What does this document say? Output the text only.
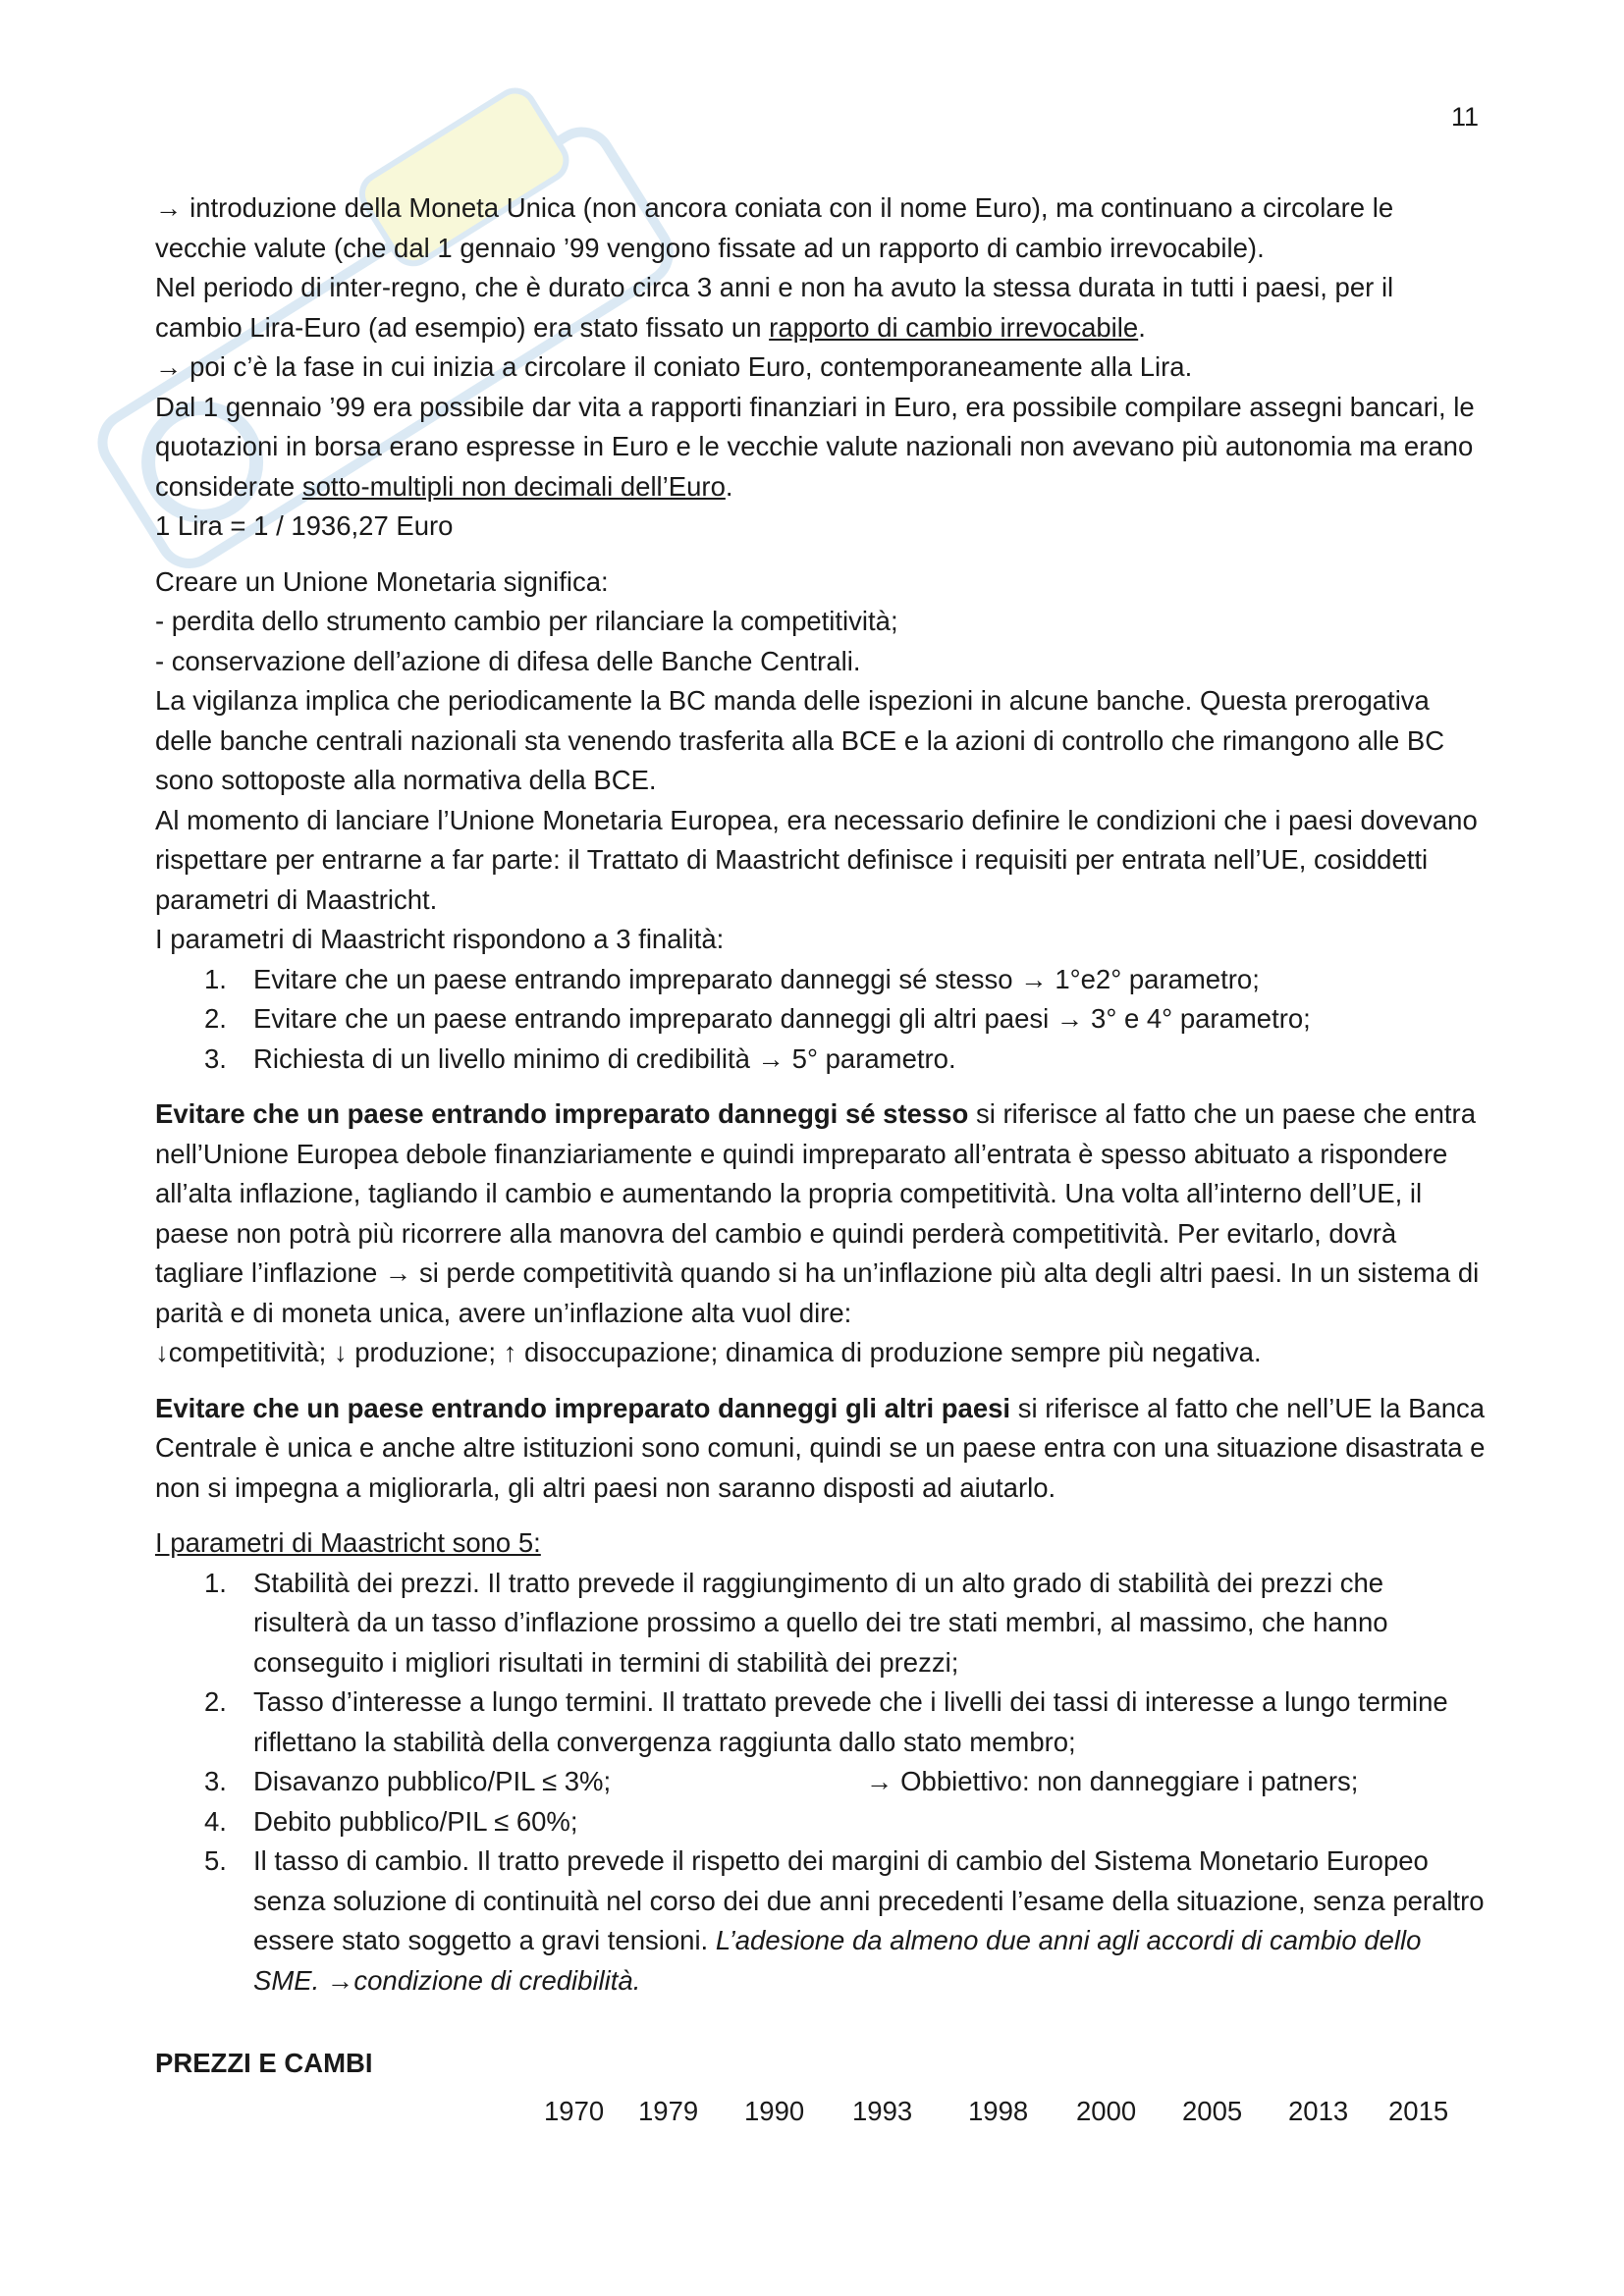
11

→ introduzione della Moneta Unica (non ancora coniata con il nome Euro), ma continuano a circolare le vecchie valute (che dal 1 gennaio ’99 vengono fissate ad un rapporto di cambio irrevocabile).

Nel periodo di inter-regno, che è durato circa 3 anni e non ha avuto la stessa durata in tutti i paesi, per il cambio Lira-Euro (ad esempio) era stato fissato un rapporto di cambio irrevocabile.

→ poi c’è la fase in cui inizia a circolare il coniato Euro, contemporaneamente alla Lira.

Dal 1 gennaio ’99 era possibile dar vita a rapporti finanziari in Euro, era possibile compilare assegni bancari, le quotazioni in borsa erano espresse in Euro e le vecchie valute nazionali non avevano più autonomia ma erano considerate sotto-multipli non decimali dell’Euro.

1 Lira = 1 / 1936,27 Euro

Creare un Unione Monetaria significa:

- perdita dello strumento cambio per rilanciare la competitività;

- conservazione dell’azione di difesa delle Banche Centrali.

La vigilanza implica che periodicamente la BC manda delle ispezioni in alcune banche. Questa prerogativa delle banche centrali nazionali sta venendo trasferita alla BCE e la azioni di controllo che rimangono alle BC sono sottoposte alla normativa della BCE.

Al momento di lanciare l’Unione Monetaria Europea, era necessario definire le condizioni che i paesi dovevano rispettare per entrarne a far parte: il Trattato di Maastricht definisce i requisiti per entrata nell’UE, cosiddetti parametri di Maastricht.

I parametri di Maastricht rispondono a 3 finalità:

1. Evitare che un paese entrando impreparato danneggi sé stesso → 1°e2° parametro;
2. Evitare che un paese entrando impreparato danneggi gli altri paesi → 3° e 4° parametro;
3. Richiesta di un livello minimo di credibilità → 5° parametro.

Evitare che un paese entrando impreparato danneggi sé stesso si riferisce al fatto che un paese che entra nell’Unione Europea debole finanziariamente e quindi impreparato all’entrata è spesso abituato a rispondere all’alta inflazione, tagliando il cambio e aumentando la propria competitività. Una volta all’interno dell’UE, il paese non potrà più ricorrere alla manovra del cambio e quindi perderà competitività. Per evitarlo, dovrà tagliare l’inflazione → si perde competitività quando si ha un’inflazione più alta degli altri paesi. In un sistema di parità e di moneta unica, avere un’inflazione alta vuol dire:

↓competitività; ↓ produzione; ↑ disoccupazione; dinamica di produzione sempre più negativa.

Evitare che un paese entrando impreparato danneggi gli altri paesi si riferisce al fatto che nell’UE la Banca Centrale è unica e anche altre istituzioni sono comuni, quindi se un paese entra con una situazione disastrata e non si impegna a migliorarla, gli altri paesi non saranno disposti ad aiutarlo.

I parametri di Maastricht sono 5:

1. Stabilità dei prezzi. Il tratto prevede il raggiungimento di un alto grado di stabilità dei prezzi che risulterà da un tasso d’inflazione prossimo a quello dei tre stati membri, al massimo, che hanno conseguito i migliori risultati in termini di stabilità dei prezzi;
2. Tasso d’interesse a lungo termini. Il trattato prevede che i livelli dei tassi di interesse a lungo termine riflettano la stabilità della convergenza raggiunta dallo stato membro;
3. Disavanzo pubblico/PIL ≤ 3%;	→ Obbiettivo: non danneggiare i patners;
4. Debito pubblico/PIL ≤ 60%;
5. Il tasso di cambio. Il tratto prevede il rispetto dei margini di cambio del Sistema Monetario Europeo senza soluzione di continuità nel corso dei due anni precedenti l’esame della situazione, senza peraltro essere stato soggetto a gravi tensioni. L’adesione da almeno due anni agli accordi di cambio dello SME. →condizione di credibilità.

PREZZI E CAMBI

1970	1979	1990	1993	1998	2000	2005	2013	2015
